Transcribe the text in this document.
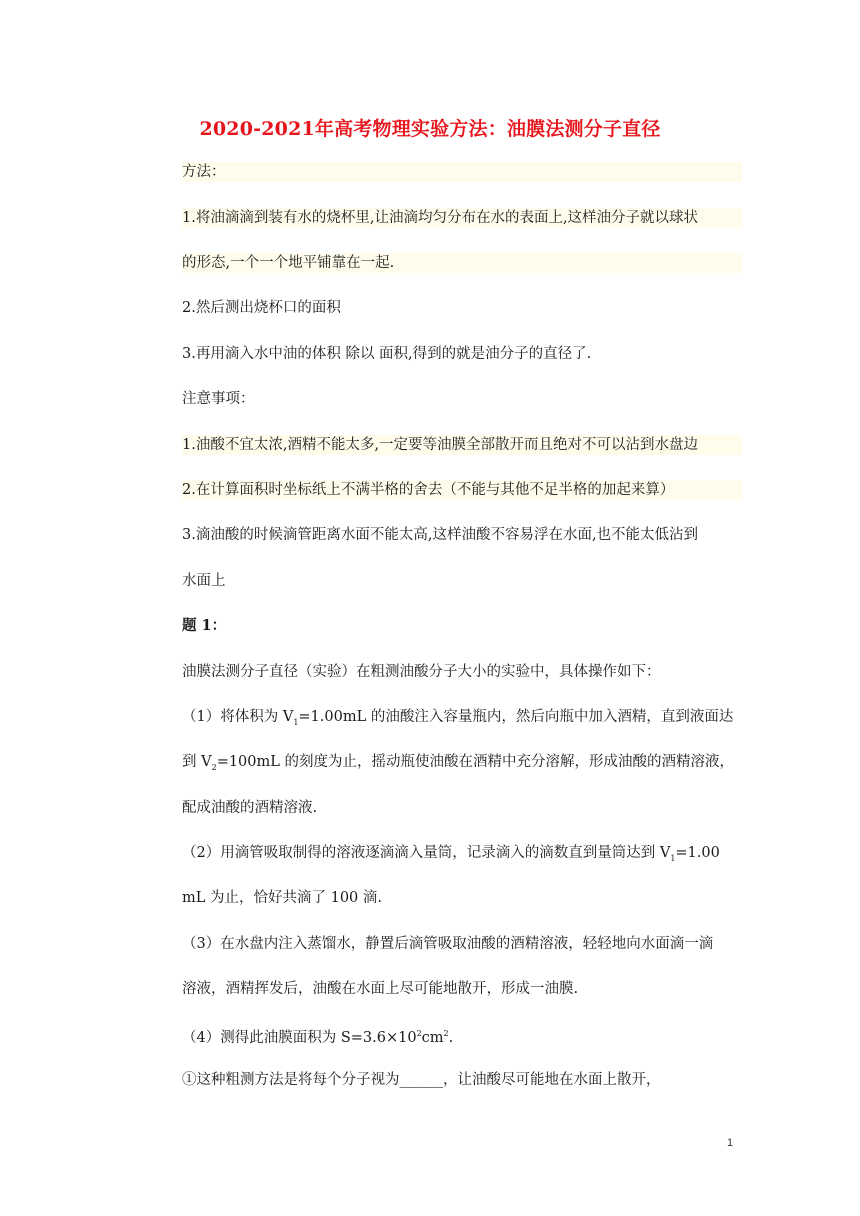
2020-2021年高考物理实验方法：油膜法测分子直径
方法：
1.将油滴滴到装有水的烧杯里,让油滴均匀分布在水的表面上,这样油分子就以球状
的形态,一个一个地平铺靠在一起.
2.然后测出烧杯口的面积
3.再用滴入水中油的体积 除以 面积,得到的就是油分子的直径了.
注意事项：
1.油酸不宜太浓,酒精不能太多,一定要等油膜全部散开而且绝对不可以沾到水盘边
2.在计算面积时坐标纸上不满半格的舍去（不能与其他不足半格的加起来算）
3.滴油酸的时候滴管距离水面不能太高,这样油酸不容易浮在水面,也不能太低沾到
水面上
题 1：
油膜法测分子直径（实验）在粗测油酸分子大小的实验中，具体操作如下：
（1）将体积为 $V_1=1.00mL$ 的油酸注入容量瓶内，然后向瓶中加入酒精，直到液面达
到 $V_2=100mL$ 的刻度为止，摇动瓶使油酸在酒精中充分溶解，形成油酸的酒精溶液，
配成油酸的酒精溶液.
（2）用滴管吸取制得的溶液逐滴滴入量筒，记录滴入的滴数直到量筒达到 $V_1=1.00$
mL 为止，恰好共滴了 100 滴.
（3）在水盘内注入蒸馏水，静置后滴管吸取油酸的酒精溶液，轻轻地向水面滴一滴
溶液，酒精挥发后，油酸在水面上尽可能地散开，形成一油膜.
（4）测得此油膜面积为 $S=3.6\times 10^2cm^2$.
①这种粗测方法是将每个分子视为______，让油酸尽可能地在水面上散开，
1
